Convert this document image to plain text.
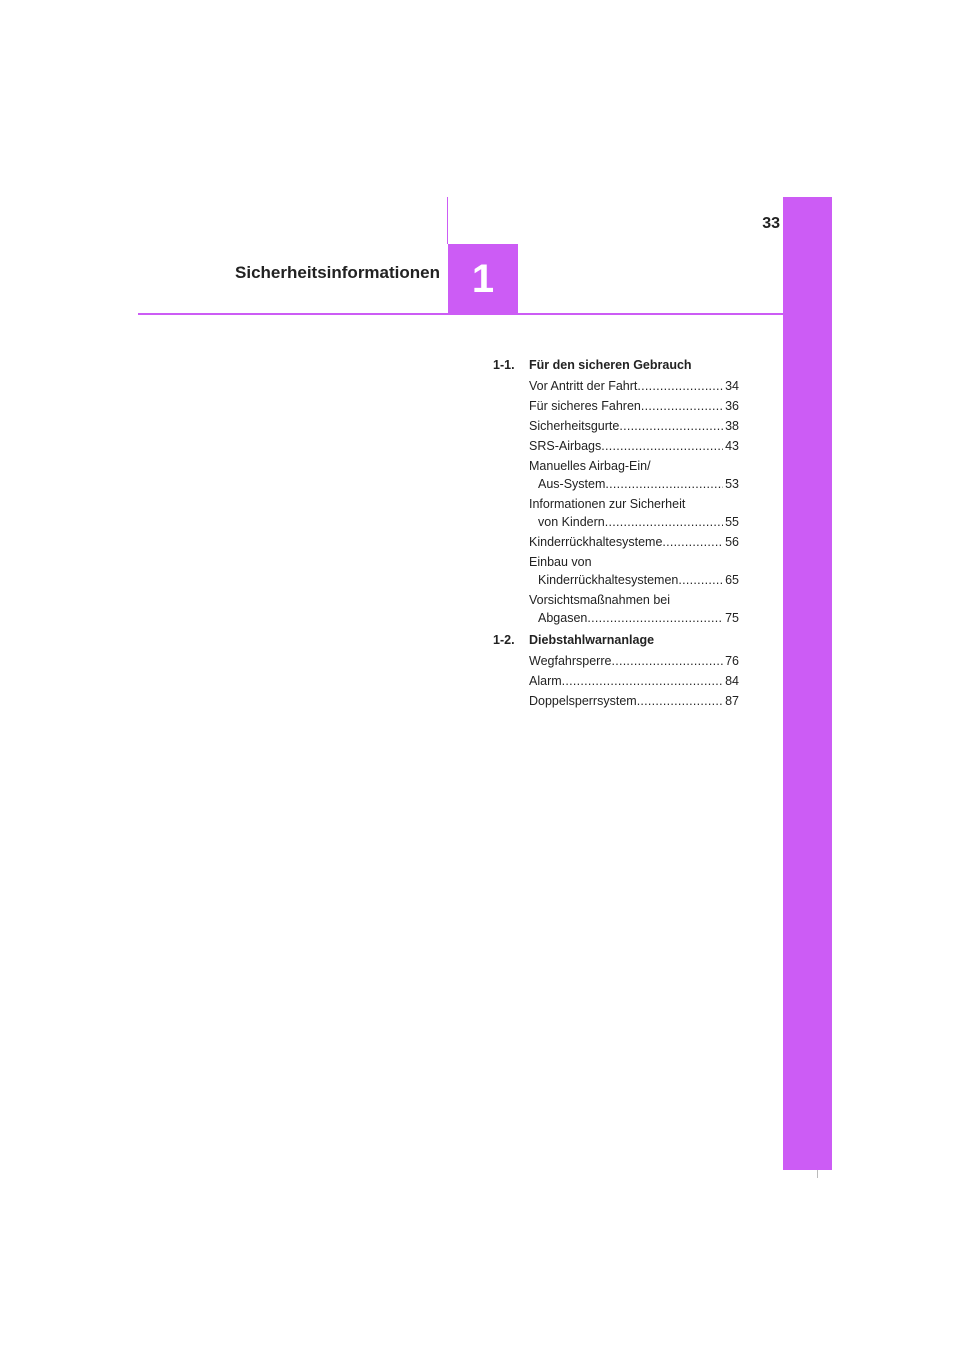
33
1
Sicherheitsinformationen
1-1.	Für den sicheren Gebrauch
Vor Antritt der Fahrt . . .	34
Für sicheres Fahren . . .	36
Sicherheitsgurte . . .	38
SRS-Airbags . . .	43
Manuelles Airbag-Ein/
Aus-System . . .	53
Informationen zur Sicherheit
von Kindern . . .	55
Kinderrückhaltesysteme . . .	56
Einbau von
Kinderrückhaltesystemen . . .	65
Vorsichtsmaßnahmen bei
Abgasen . . .	75
1-2.	Diebstahlwarnanlage
Wegfahrsperre . . .	76
Alarm . . .	84
Doppelsperrsystem . . .	87
